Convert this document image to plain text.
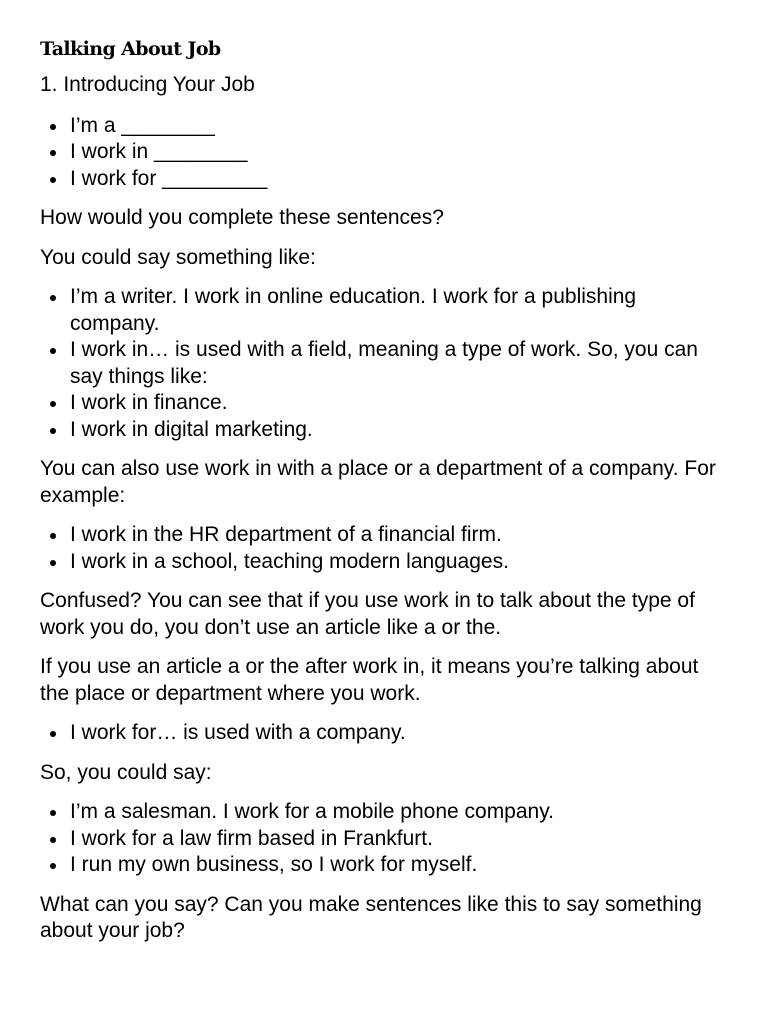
Talking About Job

1. Introducing Your Job

I’m a ________
I work in ________
I work for _________

How would you complete these sentences?

You could say something like:

I’m a writer. I work in online education. I work for a publishing company.
I work in… is used with a field, meaning a type of work. So, you can say things like:
I work in finance.
I work in digital marketing.

You can also use work in with a place or a department of a company. For example:

I work in the HR department of a financial firm.
I work in a school, teaching modern languages.

Confused? You can see that if you use work in to talk about the type of work you do, you don’t use an article like a or the.

If you use an article a or the after work in, it means you’re talking about the place or department where you work.

I work for… is used with a company.

So, you could say:

I’m a salesman. I work for a mobile phone company.
I work for a law firm based in Frankfurt.
I run my own business, so I work for myself.

What can you say? Can you make sentences like this to say something about your job?
